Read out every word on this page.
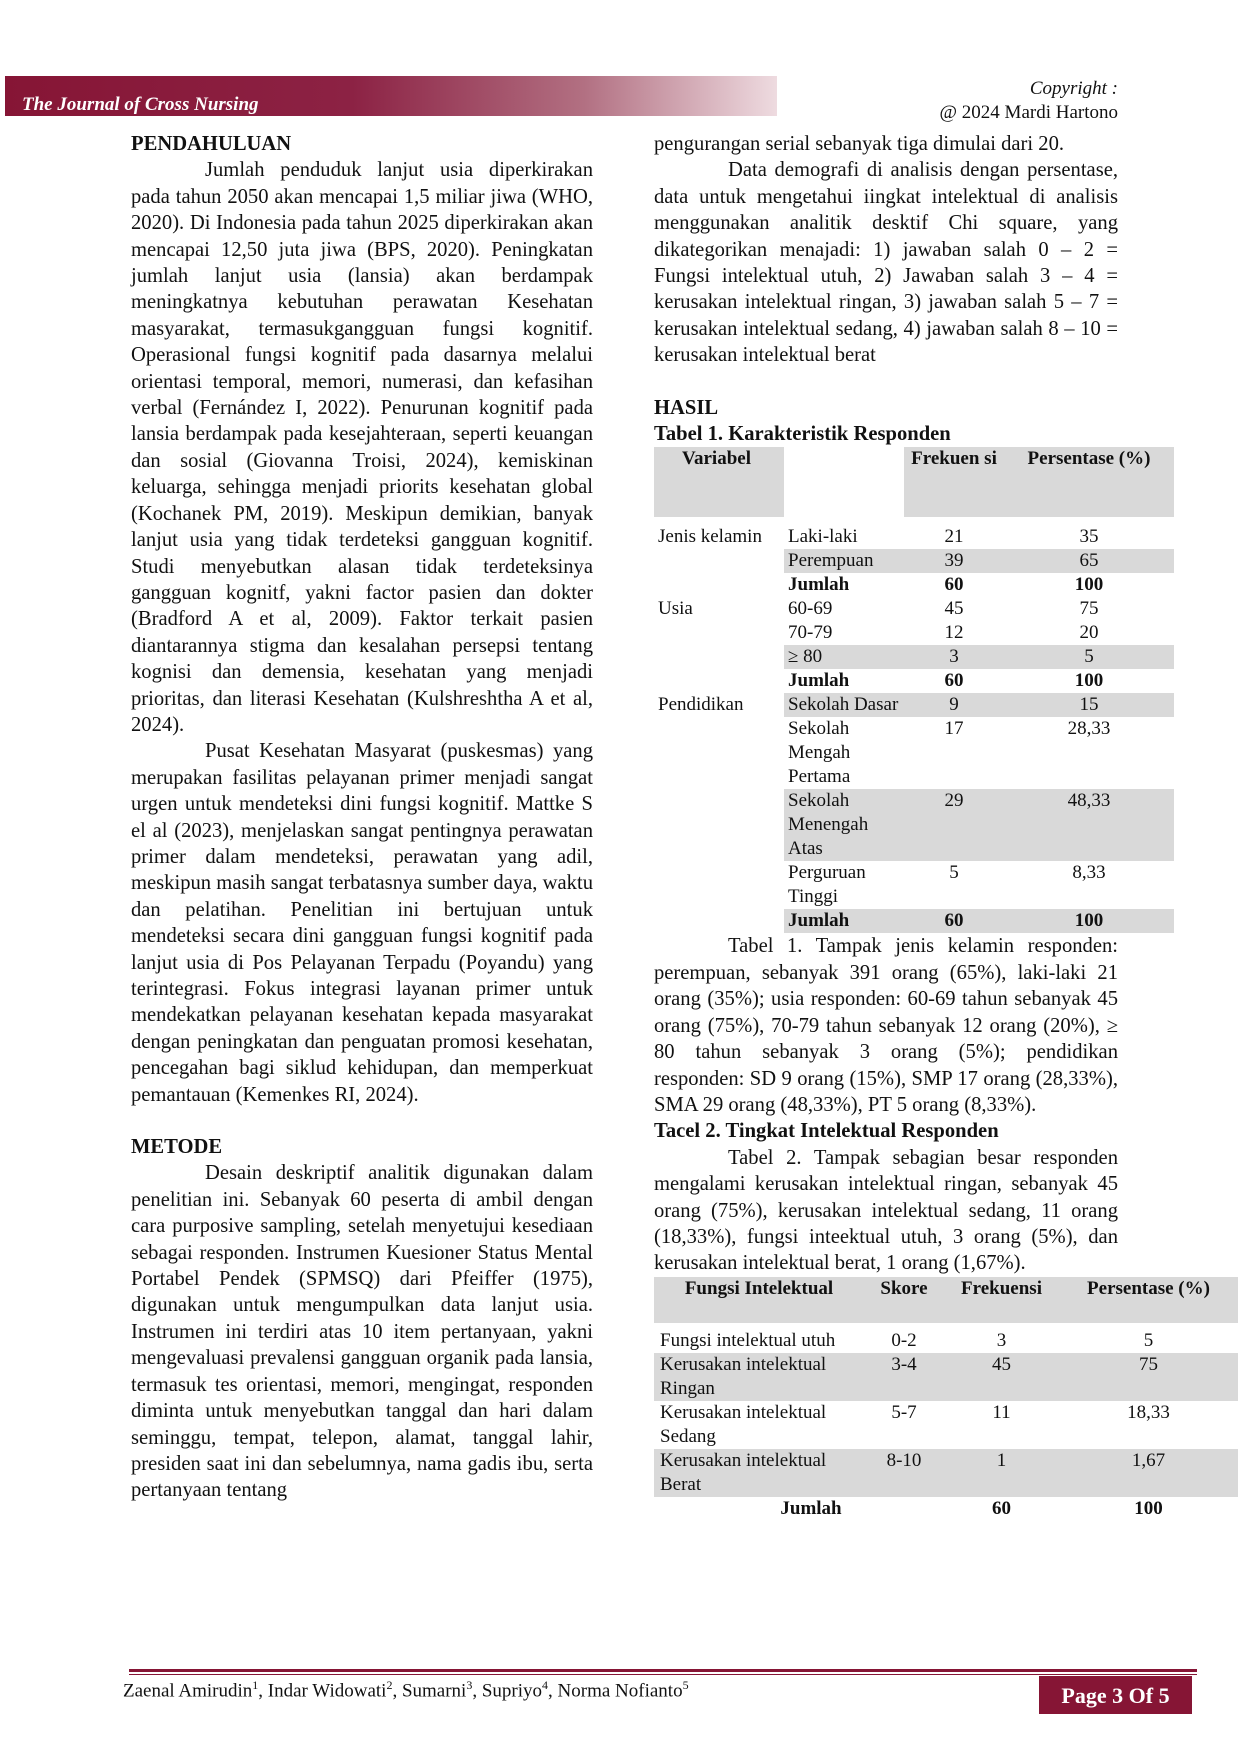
The Journal of Cross Nursing
Copyright :
@ 2024 Mardi Hartono

PENDAHULUAN

Jumlah penduduk lanjut usia diperkirakan pada tahun 2050 akan mencapai 1,5 miliar jiwa (WHO, 2020). Di Indonesia pada tahun 2025 diperkirakan akan mencapai 12,50 juta jiwa (BPS, 2020). Peningkatan jumlah lanjut usia (lansia) akan berdampak meningkatnya kebutuhan perawatan Kesehatan masyarakat, termasukgangguan fungsi kognitif. Operasional fungsi kognitif pada dasarnya melalui orientasi temporal, memori, numerasi, dan kefasihan verbal (Fernández I, 2022). Penurunan kognitif pada lansia berdampak pada kesejahteraan, seperti keuangan dan sosial (Giovanna Troisi, 2024), kemiskinan keluarga, sehingga menjadi priorits kesehatan global (Kochanek PM, 2019). Meskipun demikian, banyak lanjut usia yang tidak terdeteksi gangguan kognitif. Studi menyebutkan alasan tidak terdeteksinya gangguan kognitf, yakni factor pasien dan dokter (Bradford A et al, 2009). Faktor terkait pasien diantarannya stigma dan kesalahan persepsi tentang kognisi dan demensia, kesehatan yang menjadi prioritas, dan literasi Kesehatan (Kulshreshtha A et al, 2024).

Pusat Kesehatan Masyarat (puskesmas) yang merupakan fasilitas pelayanan primer menjadi sangat urgen untuk mendeteksi dini fungsi kognitif. Mattke S el al (2023), menjelaskan sangat pentingnya perawatan primer dalam mendeteksi, perawatan yang adil, meskipun masih sangat terbatasnya sumber daya, waktu dan pelatihan. Penelitian ini bertujuan untuk mendeteksi secara dini gangguan fungsi kognitif pada lanjut usia di Pos Pelayanan Terpadu (Poyandu) yang terintegrasi. Fokus integrasi layanan primer untuk mendekatkan pelayanan kesehatan kepada masyarakat dengan peningkatan dan penguatan promosi kesehatan, pencegahan bagi siklud kehidupan, dan memperkuat pemantauan (Kemenkes RI, 2024).

METODE

Desain deskriptif analitik digunakan dalam penelitian ini. Sebanyak 60 peserta di ambil dengan cara purposive sampling, setelah menyetujui kesediaan sebagai responden. Instrumen Kuesioner Status Mental Portabel Pendek (SPMSQ) dari Pfeiffer (1975), digunakan untuk mengumpulkan data lanjut usia. Instrumen ini terdiri atas 10 item pertanyaan, yakni mengevaluasi prevalensi gangguan organik pada lansia, termasuk tes orientasi, memori, mengingat, responden diminta untuk menyebutkan tanggal dan hari dalam seminggu, tempat, telepon, alamat, tanggal lahir, presiden saat ini dan sebelumnya, nama gadis ibu, serta pertanyaan tentang

pengurangan serial sebanyak tiga dimulai dari 20.

Data demografi di analisis dengan persentase, data untuk mengetahui iingkat intelektual di analisis menggunakan analitik desktif Chi square, yang dikategorikan menajadi: 1) jawaban salah 0 – 2 = Fungsi intelektual utuh, 2) Jawaban salah 3 – 4 = kerusakan intelektual ringan, 3) jawaban salah 5 – 7 = kerusakan intelektual sedang, 4) jawaban salah 8 – 10 = kerusakan intelektual berat

HASIL

Tabel 1. Karakteristik Responden

Variabel		Frekuen si	Persentase (%)
Jenis kelamin	Laki-laki	21	35
	Perempuan	39	65
	Jumlah	60	100
Usia	60-69	45	75
	70-79	12	20
	≥ 80	3	5
	Jumlah	60	100
Pendidikan	Sekolah Dasar	9	15
	Sekolah Mengah Pertama	17	28,33
	Sekolah Menengah Atas	29	48,33
	Perguruan Tinggi	5	8,33
	Jumlah	60	100

Tabel 1. Tampak jenis kelamin responden: perempuan, sebanyak 391 orang (65%), laki-laki 21 orang (35%); usia responden: 60-69 tahun sebanyak 45 orang (75%), 70-79 tahun sebanyak 12 orang (20%), ≥ 80 tahun sebanyak 3 orang (5%); pendidikan responden: SD 9 orang (15%), SMP 17 orang (28,33%), SMA 29 orang (48,33%), PT 5 orang (8,33%).

Tacel 2. Tingkat Intelektual Responden

Tabel 2. Tampak sebagian besar responden mengalami kerusakan intelektual ringan, sebanyak 45 orang (75%), kerusakan intelektual sedang, 11 orang (18,33%), fungsi inteektual utuh, 3 orang (5%), dan kerusakan intelektual berat, 1 orang (1,67%).

Fungsi Intelektual	Skore	Frekuensi	Persentase (%)
Fungsi intelektual utuh	0-2	3	5
Kerusakan intelektual Ringan	3-4	45	75
Kerusakan intelektual Sedang	5-7	11	18,33
Kerusakan intelektual Berat	8-10	1	1,67
Jumlah		60	100
Zaenal Amirudin$^1$, Indar Widowati$^2$, Sumarni$^3$, Supriyo$^4$, Norma Nofianto$^5$	Page 3 Of 5
